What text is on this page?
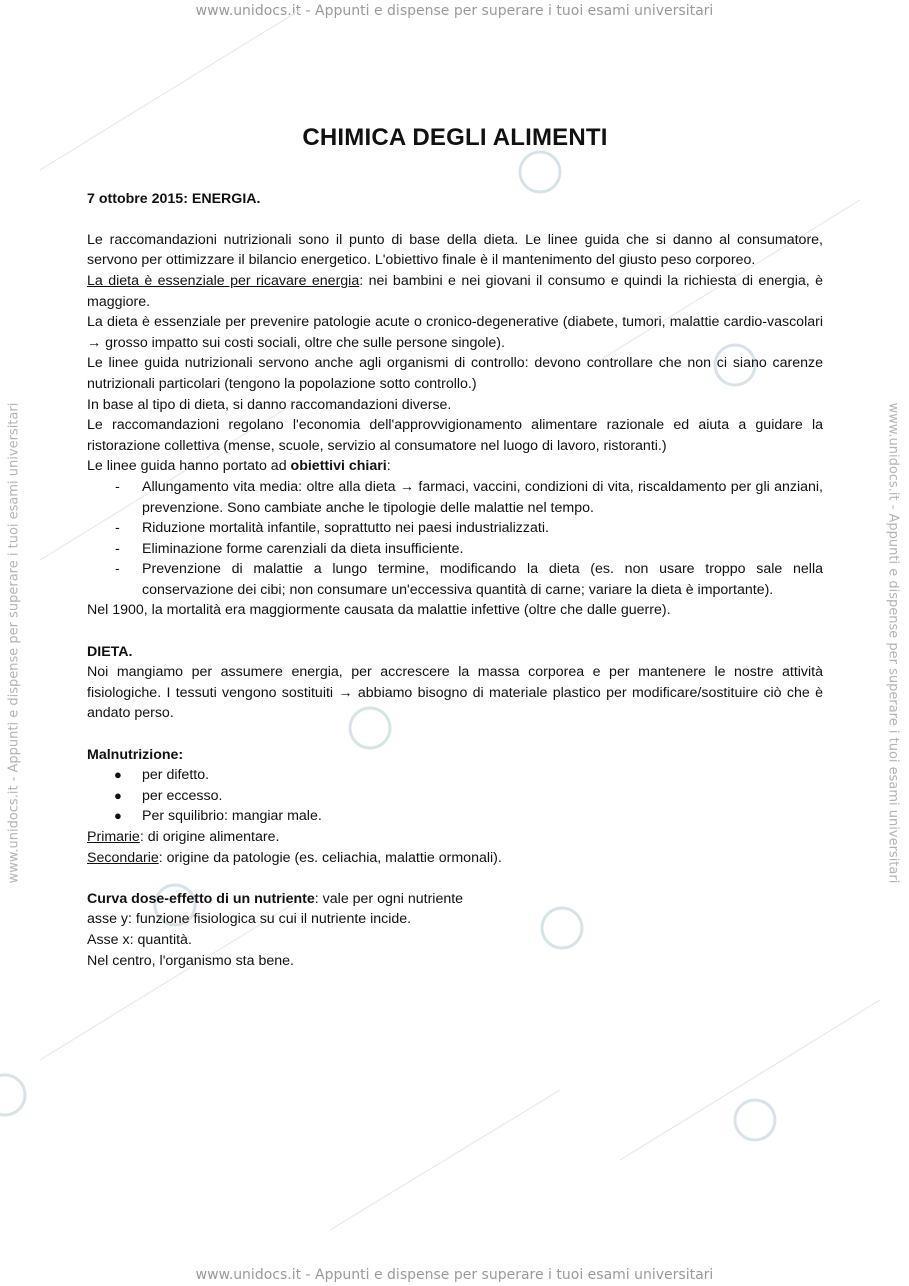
www.unidocs.it - Appunti e dispense per superare i tuoi esami universitari
www.unidocs.it - Appunti e dispense per superare i tuoi esami universitari	www.unidocs.it - Appunti e dispense per superare i tuoi esami universitari
CHIMICA DEGLI ALIMENTI
7 ottobre 2015: ENERGIA.

Le raccomandazioni nutrizionali sono il punto di base della dieta. Le linee guida che si danno al consumatore, servono per ottimizzare il bilancio energetico. L'obiettivo finale è il mantenimento del giusto peso corporeo.

La dieta è essenziale per ricavare energia: nei bambini e nei giovani il consumo e quindi la richiesta di energia, è maggiore.

La dieta è essenziale per prevenire patologie acute o cronico-degenerative (diabete, tumori, malattie cardio-vascolari → grosso impatto sui costi sociali, oltre che sulle persone singole).

Le linee guida nutrizionali servono anche agli organismi di controllo: devono controllare che non ci siano carenze nutrizionali particolari (tengono la popolazione sotto controllo.)

In base al tipo di dieta, si danno raccomandazioni diverse.

Le raccomandazioni regolano l'economia dell'approvvigionamento alimentare razionale ed aiuta a guidare la ristorazione collettiva (mense, scuole, servizio al consumatore nel luogo di lavoro, ristoranti.)

Le linee guida hanno portato ad obiettivi chiari:

- Allungamento vita media: oltre alla dieta → farmaci, vaccini, condizioni di vita, riscaldamento per gli anziani, prevenzione. Sono cambiate anche le tipologie delle malattie nel tempo.
- Riduzione mortalità infantile, soprattutto nei paesi industrializzati.
- Eliminazione forme carenziali da dieta insufficiente.
- Prevenzione di malattie a lungo termine, modificando la dieta (es. non usare troppo sale nella conservazione dei cibi; non consumare un'eccessiva quantità di carne; variare la dieta è importante).

Nel 1900, la mortalità era maggiormente causata da malattie infettive (oltre che dalle guerre).

DIETA.

Noi mangiamo per assumere energia, per accrescere la massa corporea e per mantenere le nostre attività fisiologiche. I tessuti vengono sostituiti → abbiamo bisogno di materiale plastico per modificare/sostituire ciò che è andato perso.

Malnutrizione:
● per difetto.
● per eccesso.
● Per squilibrio: mangiar male.

Primarie: di origine alimentare.

Secondarie: origine da patologie (es. celiachia, malattie ormonali).

Curva dose-effetto di un nutriente: vale per ogni nutriente

asse y: funzione fisiologica su cui il nutriente incide.

Asse x: quantità.

Nel centro, l'organismo sta bene.

www.unidocs.it - Appunti e dispense per superare i tuoi esami universitari
